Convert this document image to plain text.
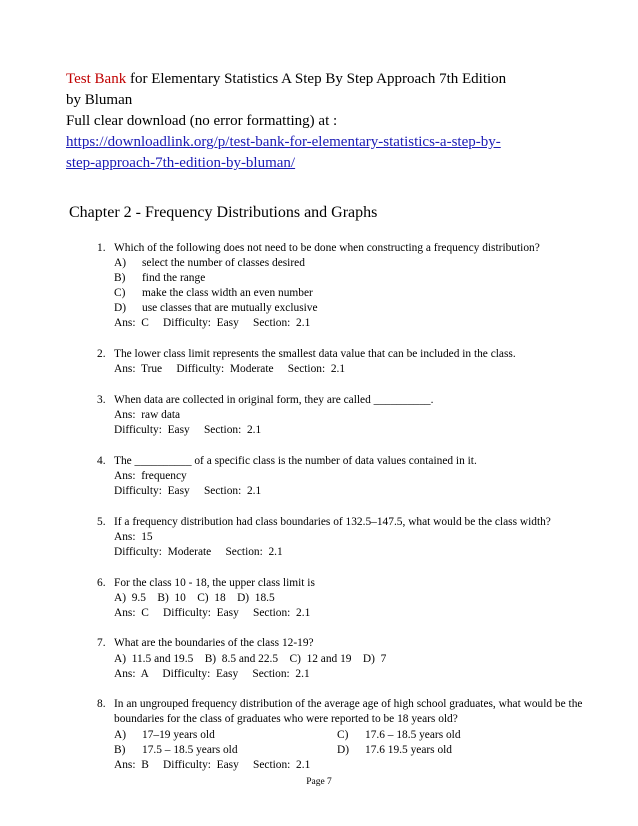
Test Bank for Elementary Statistics A Step By Step Approach 7th Edition
by Bluman
Full clear download (no error formatting) at :
https://downloadlink.org/p/test-bank-for-elementary-statistics-a-step-by-
step-approach-7th-edition-by-bluman/
Chapter 2 - Frequency Distributions and Graphs
1. Which of the following does not need to be done when constructing a frequency distribution?
A)	select the number of classes desired
B)	find the range
C)	make the class width an even number
D)	use classes that are mutually exclusive
Ans:  C     Difficulty:  Easy     Section:  2.1
2. The lower class limit represents the smallest data value that can be included in the class.
Ans:  True     Difficulty:  Moderate     Section:  2.1
3. When data are collected in original form, they are called __________.
Ans:  raw data
Difficulty:  Easy     Section:  2.1
4. The __________ of a specific class is the number of data values contained in it.
Ans:  frequency
Difficulty:  Easy     Section:  2.1
5. If a frequency distribution had class boundaries of 132.5–147.5, what would be the class width?
Ans:  15
Difficulty:  Moderate     Section:  2.1
6. For the class 10 - 18, the upper class limit is
A)  9.5    B)  10    C)  18    D)  18.5
Ans:  C     Difficulty:  Easy     Section:  2.1
7. What are the boundaries of the class 12-19?
A)  11.5 and 19.5    B)  8.5 and 22.5    C)  12 and 19    D)  7
Ans:  A     Difficulty:  Easy     Section:  2.1
8. In an ungrouped frequency distribution of the average age of high school graduates, what would be the boundaries for the class of graduates who were reported to be 18 years old?
A)	17–19 years old	C)	17.6 – 18.5 years old
B)	17.5 – 18.5 years old	D)	17.6 19.5 years old
Ans:  B     Difficulty:  Easy     Section:  2.1
Page 7
